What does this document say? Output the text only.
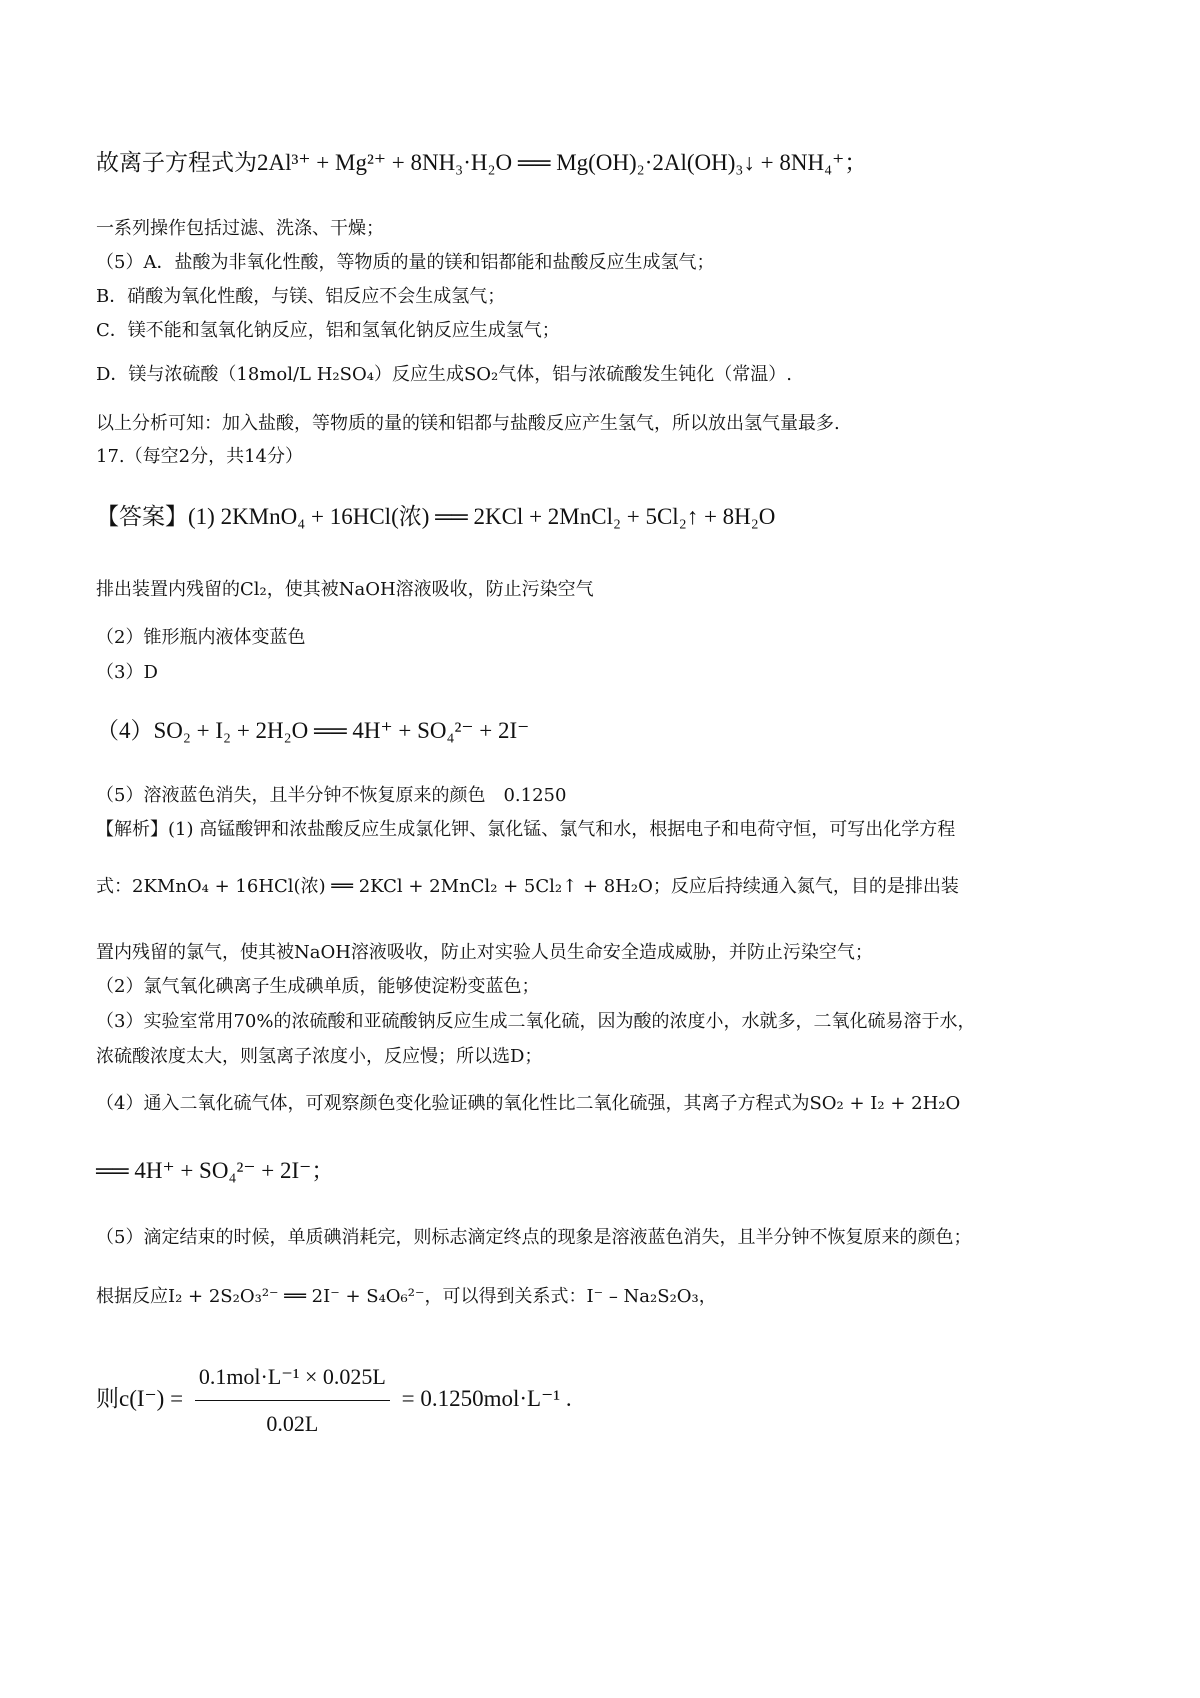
故离子方程式为2Al³⁺ + Mg²⁺ + 8NH₃·H₂O ══ Mg(OH)₂·2Al(OH)₃↓ + 8NH₄⁺；
一系列操作包括过滤、洗涤、干燥；
（5）A．盐酸为非氧化性酸，等物质的量的镁和铝都能和盐酸反应生成氢气；
B．硝酸为氧化性酸，与镁、铝反应不会生成氢气；
C．镁不能和氢氧化钠反应，铝和氢氧化钠反应生成氢气；
D．镁与浓硫酸（18mol/L H₂SO₄）反应生成SO₂气体，铝与浓硫酸发生钝化（常温）.
以上分析可知：加入盐酸，等物质的量的镁和铝都与盐酸反应产生氢气，所以放出氢气量最多.
17.（每空2分，共14分）
【答案】(1) 2KMnO₄ + 16HCl(浓) ══ 2KCl + 2MnCl₂ + 5Cl₂↑ + 8H₂O
排出装置内残留的Cl₂，使其被NaOH溶液吸收，防止污染空气
（2）锥形瓶内液体变蓝色
（3）D
（4）SO₂ + I₂ + 2H₂O ══ 4H⁺ + SO₄²⁻ + 2I⁻
（5）溶液蓝色消失，且半分钟不恢复原来的颜色　0.1250
【解析】(1) 高锰酸钾和浓盐酸反应生成氯化钾、氯化锰、氯气和水，根据电子和电荷守恒，可写出化学方程
式：2KMnO₄ + 16HCl(浓) ══ 2KCl + 2MnCl₂ + 5Cl₂↑ + 8H₂O；反应后持续通入氮气，目的是排出装
置内残留的氯气，使其被NaOH溶液吸收，防止对实验人员生命安全造成威胁，并防止污染空气；
（2）氯气氧化碘离子生成碘单质，能够使淀粉变蓝色；
（3）实验室常用70%的浓硫酸和亚硫酸钠反应生成二氧化硫，因为酸的浓度小，水就多，二氧化硫易溶于水，
浓硫酸浓度太大，则氢离子浓度小，反应慢；所以选D；
（4）通入二氧化硫气体，可观察颜色变化验证碘的氧化性比二氧化硫强，其离子方程式为SO₂ + I₂ + 2H₂O
══ 4H⁺ + SO₄²⁻ + 2I⁻；
（5）滴定结束的时候，单质碘消耗完，则标志滴定终点的现象是溶液蓝色消失，且半分钟不恢复原来的颜色；
根据反应I₂ + 2S₂O₃²⁻ ══ 2I⁻ + S₄O₆²⁻，可以得到关系式：I⁻ – Na₂S₂O₃，
则$c(I^-) = \frac{\text{0.1mol·L⁻¹ × 0.025L}}{0.02L} = 0.1250mol\cdot L^{-1}$ .
